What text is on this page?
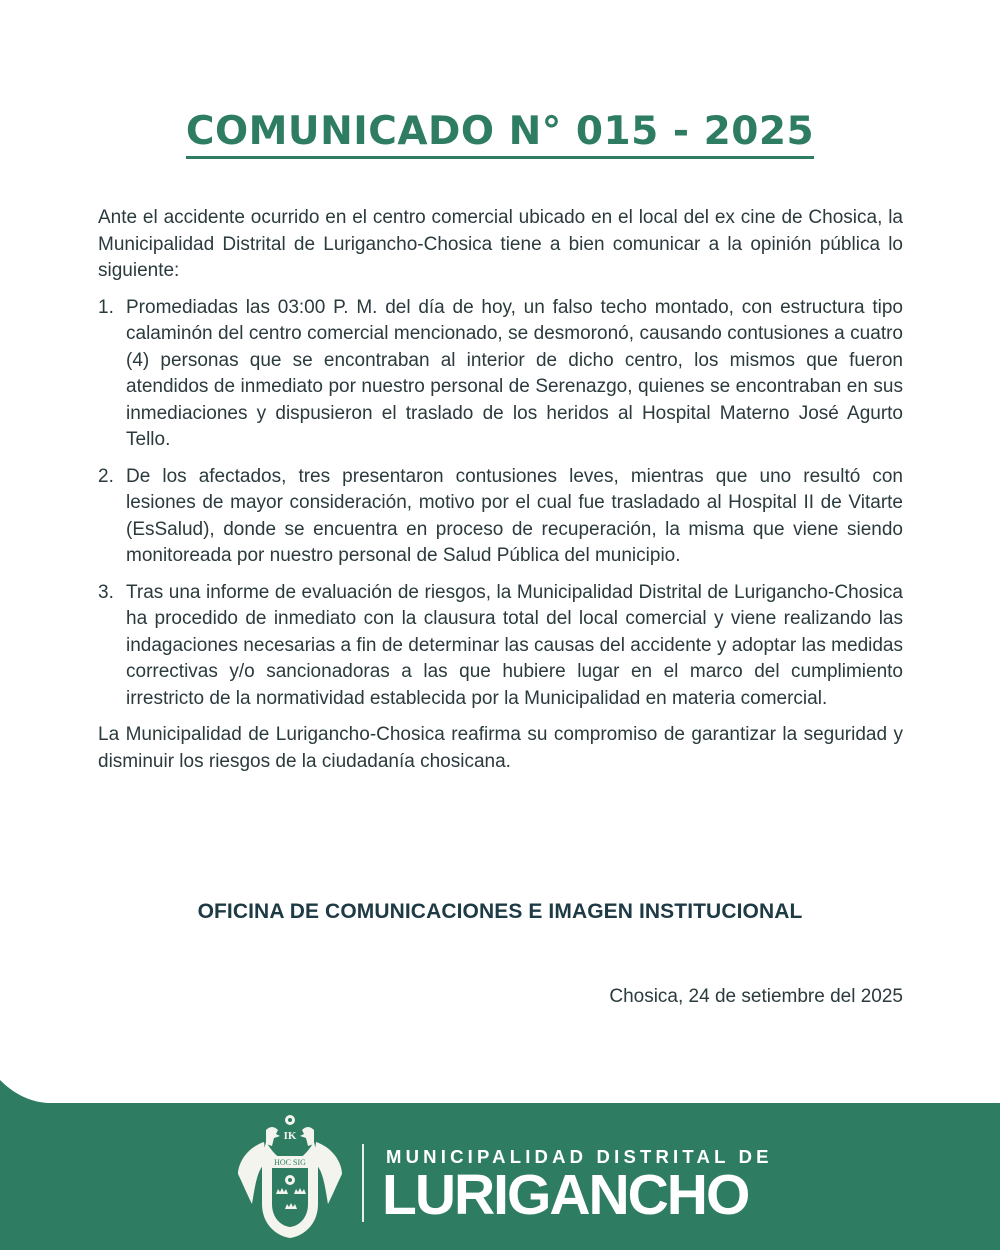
COMUNICADO N° 015 - 2025

Ante el accidente ocurrido en el centro comercial ubicado en el local del ex cine de Chosica, la Municipalidad Distrital de Lurigancho-Chosica tiene a bien comunicar a la opinión pública lo siguiente:

1. Promediadas las 03:00 P. M. del día de hoy, un falso techo montado, con estructura tipo calaminón del centro comercial mencionado, se desmoronó, causando contusiones a cuatro (4) personas que se encontraban al interior de dicho centro, los mismos que fueron atendidos de inmediato por nuestro personal de Serenazgo, quienes se encontraban en sus inmediaciones y dispusieron el traslado de los heridos al Hospital Materno José Agurto Tello.
2. De los afectados, tres presentaron contusiones leves, mientras que uno resultó con lesiones de mayor consideración, motivo por el cual fue trasladado al Hospital II de Vitarte (EsSalud), donde se encuentra en proceso de recuperación, la misma que viene siendo monitoreada por nuestro personal de Salud Pública del municipio.
3. Tras una informe de evaluación de riesgos, la Municipalidad Distrital de Lurigancho-Chosica ha procedido de inmediato con la clausura total del local comercial y viene realizando las indagaciones necesarias a fin de determinar las causas del accidente y adoptar las medidas correctivas y/o sancionadoras a las que hubiere lugar en el marco del cumplimiento irrestricto de la normatividad establecida por la Municipalidad en materia comercial.

La Municipalidad de Lurigancho-Chosica reafirma su compromiso de garantizar la seguridad y disminuir los riesgos de la ciudadanía chosicana.

OFICINA DE COMUNICACIONES E IMAGEN INSTITUCIONAL
Chosica, 24 de setiembre del 2025
IK
HOC SIG	MUNICIPALIDAD DISTRITAL DE
LURIGANCHO
